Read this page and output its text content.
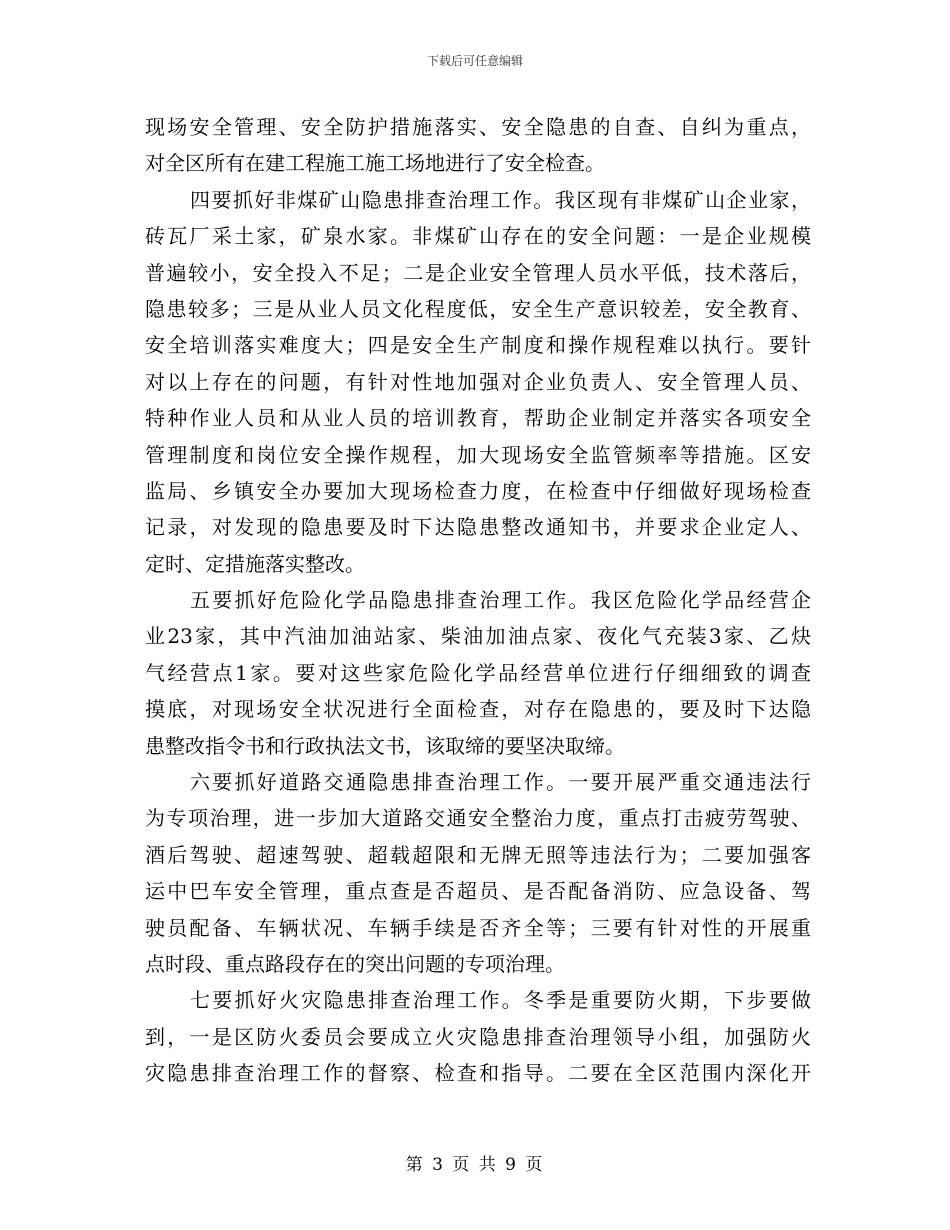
下载后可任意编辑
现场安全管理、安全防护措施落实、安全隐患的自查、自纠为重点，
对全区所有在建工程施工施工场地进行了安全检查。
四要抓好非煤矿山隐患排查治理工作。我区现有非煤矿山企业家，
砖瓦厂采土家，矿泉水家。非煤矿山存在的安全问题：一是企业规模
普遍较小，安全投入不足；二是企业安全管理人员水平低，技术落后，
隐患较多；三是从业人员文化程度低，安全生产意识较差，安全教育、
安全培训落实难度大；四是安全生产制度和操作规程难以执行。要针
对以上存在的问题，有针对性地加强对企业负责人、安全管理人员、
特种作业人员和从业人员的培训教育，帮助企业制定并落实各项安全
管理制度和岗位安全操作规程，加大现场安全监管频率等措施。区安
监局、乡镇安全办要加大现场检查力度，在检查中仔细做好现场检查
记录，对发现的隐患要及时下达隐患整改通知书，并要求企业定人、
定时、定措施落实整改。
五要抓好危险化学品隐患排查治理工作。我区危险化学品经营企
业23家，其中汽油加油站家、柴油加油点家、夜化气充装3家、乙炔
气经营点1家。要对这些家危险化学品经营单位进行仔细细致的调查
摸底，对现场安全状况进行全面检查，对存在隐患的，要及时下达隐
患整改指令书和行政执法文书，该取缔的要坚决取缔。
六要抓好道路交通隐患排查治理工作。一要开展严重交通违法行
为专项治理，进一步加大道路交通安全整治力度，重点打击疲劳驾驶、
酒后驾驶、超速驾驶、超载超限和无牌无照等违法行为；二要加强客
运中巴车安全管理，重点查是否超员、是否配备消防、应急设备、驾
驶员配备、车辆状况、车辆手续是否齐全等；三要有针对性的开展重
点时段、重点路段存在的突出问题的专项治理。
七要抓好火灾隐患排查治理工作。冬季是重要防火期，下步要做
到，一是区防火委员会要成立火灾隐患排查治理领导小组，加强防火
灾隐患排查治理工作的督察、检查和指导。二要在全区范围内深化开
第 3 页 共 9 页
